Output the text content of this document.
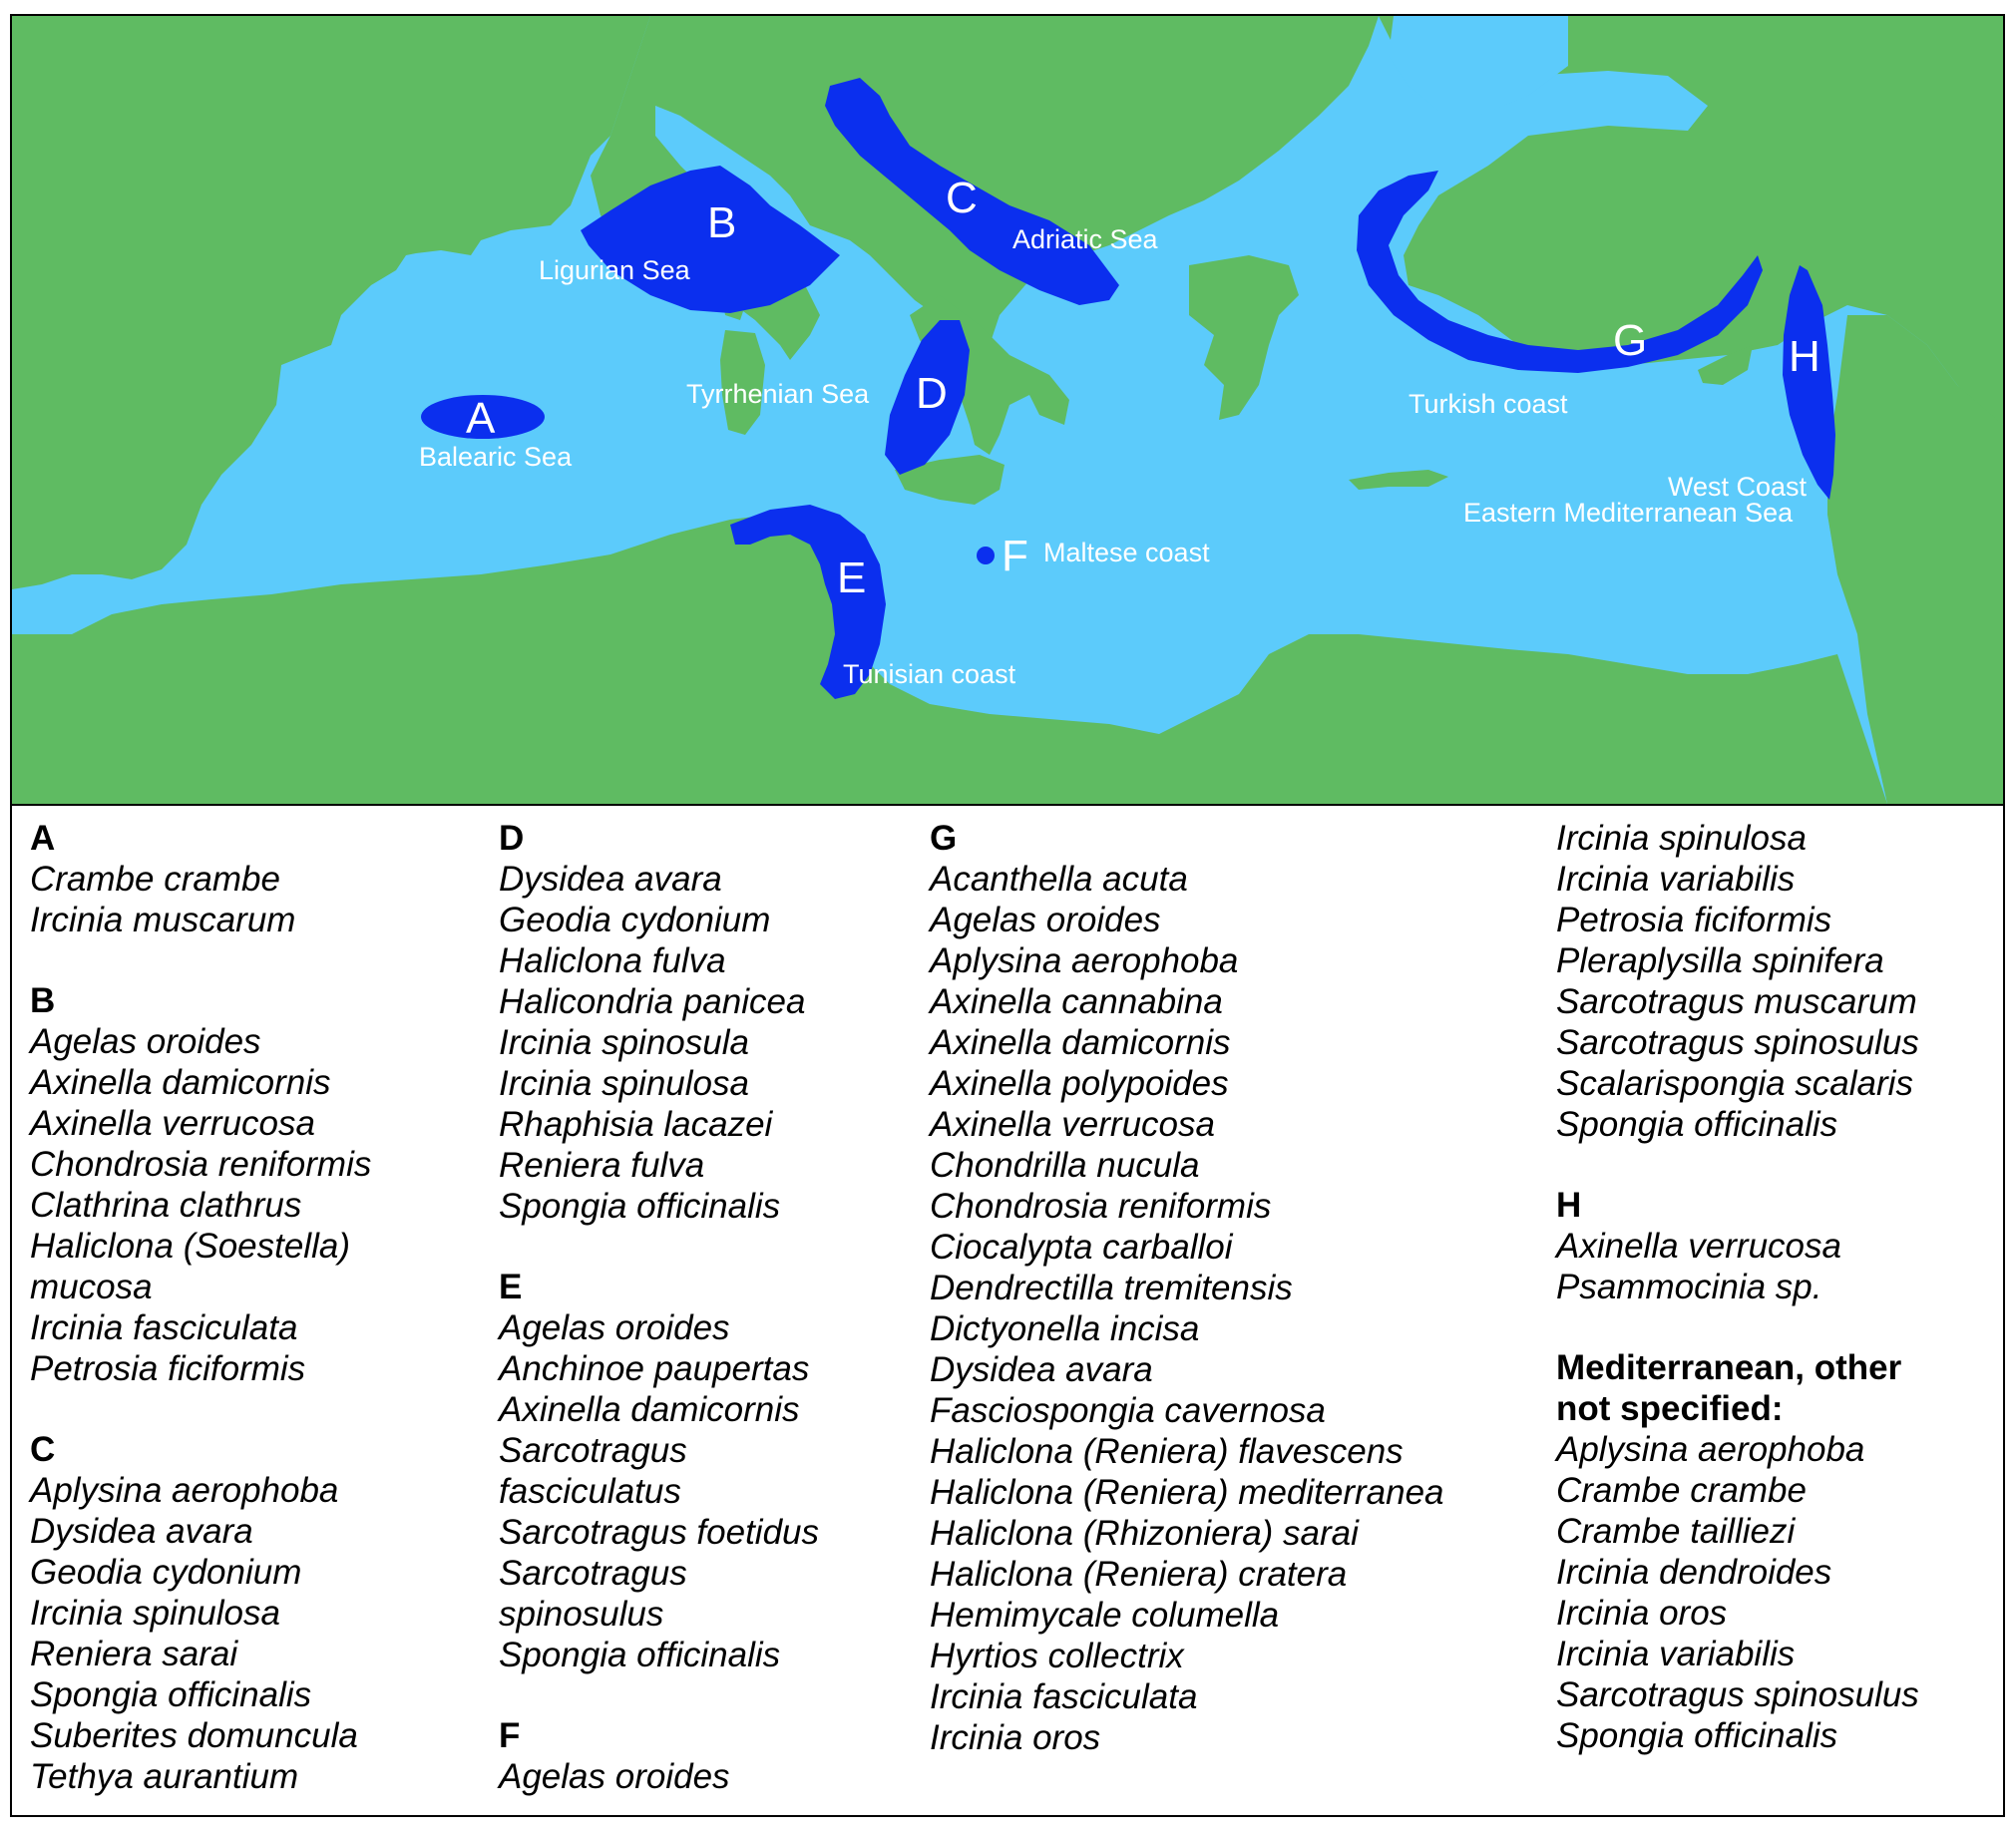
A
B
C
D
E	F
G	H
Balearic Sea
Ligurian Sea
Adriatic Sea
Tyrrhenian Sea
Tunisian coast
Maltese coast
Turkish coast
West Coast
Eastern Mediterranean Sea
A
Crambe crambe
Ircinia muscarum
B
Agelas oroides
Axinella damicornis
Axinella verrucosa
Chondrosia reniformis
Clathrina clathrus
Haliclona (Soestella)
mucosa
Ircinia fasciculata
Petrosia ficiformis
C
Aplysina aerophoba
Dysidea avara
Geodia cydonium
Ircinia spinulosa
Reniera sarai
Spongia officinalis
Suberites domuncula
Tethya aurantium
D
Dysidea avara
Geodia cydonium
Haliclona fulva
Halicondria panicea
Ircinia spinosula
Ircinia spinulosa
Rhaphisia lacazei
Reniera fulva
Spongia officinalis
E
Agelas oroides
Anchinoe paupertas
Axinella damicornis
Sarcotragus
fasciculatus
Sarcotragus foetidus
Sarcotragus
spinosulus
Spongia officinalis
F
Agelas oroides
G
Acanthella acuta
Agelas oroides
Aplysina aerophoba
Axinella cannabina
Axinella damicornis
Axinella polypoides
Axinella verrucosa
Chondrilla nucula
Chondrosia reniformis
Ciocalypta carballoi
Dendrectilla tremitensis
Dictyonella incisa
Dysidea avara
Fasciospongia cavernosa
Haliclona (Reniera) flavescens
Haliclona (Reniera) mediterranea
Haliclona (Rhizoniera) sarai
Haliclona (Reniera) cratera
Hemimycale columella
Hyrtios collectrix
Ircinia fasciculata
Ircinia oros
Ircinia spinulosa
Ircinia variabilis
Petrosia ficiformis
Pleraplysilla spinifera
Sarcotragus muscarum
Sarcotragus spinosulus
Scalarispongia scalaris
Spongia officinalis
H
Axinella verrucosa
Psammocinia sp.
Mediterranean, other
not specified:
Aplysina aerophoba
Crambe crambe
Crambe tailliezi
Ircinia dendroides
Ircinia oros
Ircinia variabilis
Sarcotragus spinosulus
Spongia officinalis
